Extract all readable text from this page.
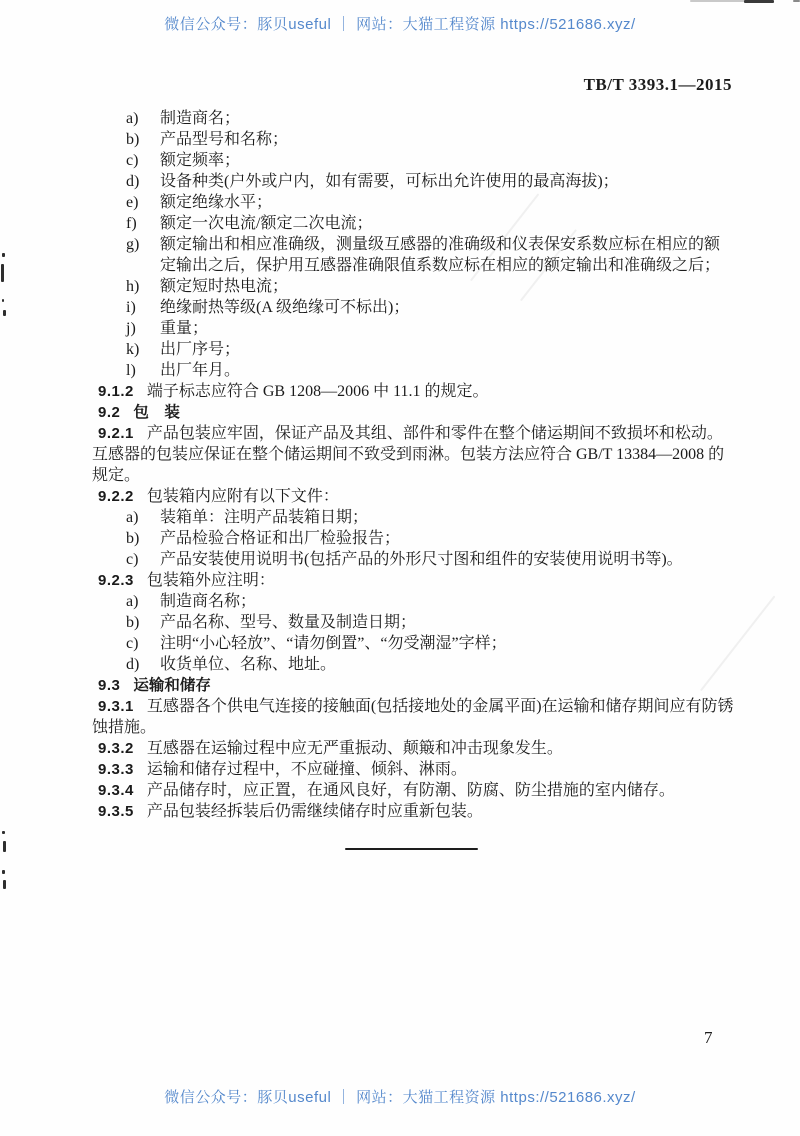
微信公众号：豚贝useful ｜ 网站：大猫工程资源 https://521686.xyz/
TB/T 3393.1—2015
a) 制造商名；
b) 产品型号和名称；
c) 额定频率；
d) 设备种类(户外或户内，如有需要，可标出允许使用的最高海拔)；
e) 额定绝缘水平；
f) 额定一次电流/额定二次电流；
g) 额定输出和相应准确级，测量级互感器的准确级和仪表保安系数应标在相应的额定输出之后，保护用互感器准确限值系数应标在相应的额定输出和准确级之后；
h) 额定短时热电流；
i) 绝缘耐热等级(A 级绝缘可不标出)；
j) 重量；
k) 出厂序号；
l) 出厂年月。
9.1.2 端子标志应符合 GB 1208—2006 中 11.1 的规定。
9.2 包　装
9.2.1 产品包装应牢固，保证产品及其组、部件和零件在整个储运期间不致损坏和松动。互感器的包装应保证在整个储运期间不致受到雨淋。包装方法应符合 GB/T 13384—2008 的规定。
9.2.2 包装箱内应附有以下文件：
a) 装箱单：注明产品装箱日期；
b) 产品检验合格证和出厂检验报告；
c) 产品安装使用说明书(包括产品的外形尺寸图和组件的安装使用说明书等)。
9.2.3 包装箱外应注明：
a) 制造商名称；
b) 产品名称、型号、数量及制造日期；
c) 注明“小心轻放”、“请勿倒置”、“勿受潮湿”字样；
d) 收货单位、名称、地址。
9.3 运输和储存
9.3.1 互感器各个供电气连接的接触面(包括接地处的金属平面)在运输和储存期间应有防锈蚀措施。
9.3.2 互感器在运输过程中应无严重振动、颠簸和冲击现象发生。
9.3.3 运输和储存过程中，不应碰撞、倾斜、淋雨。
9.3.4 产品储存时，应正置，在通风良好，有防潮、防腐、防尘措施的室内储存。
9.3.5 产品包装经拆装后仍需继续储存时应重新包装。
7
微信公众号：豚贝useful ｜ 网站：大猫工程资源 https://521686.xyz/
